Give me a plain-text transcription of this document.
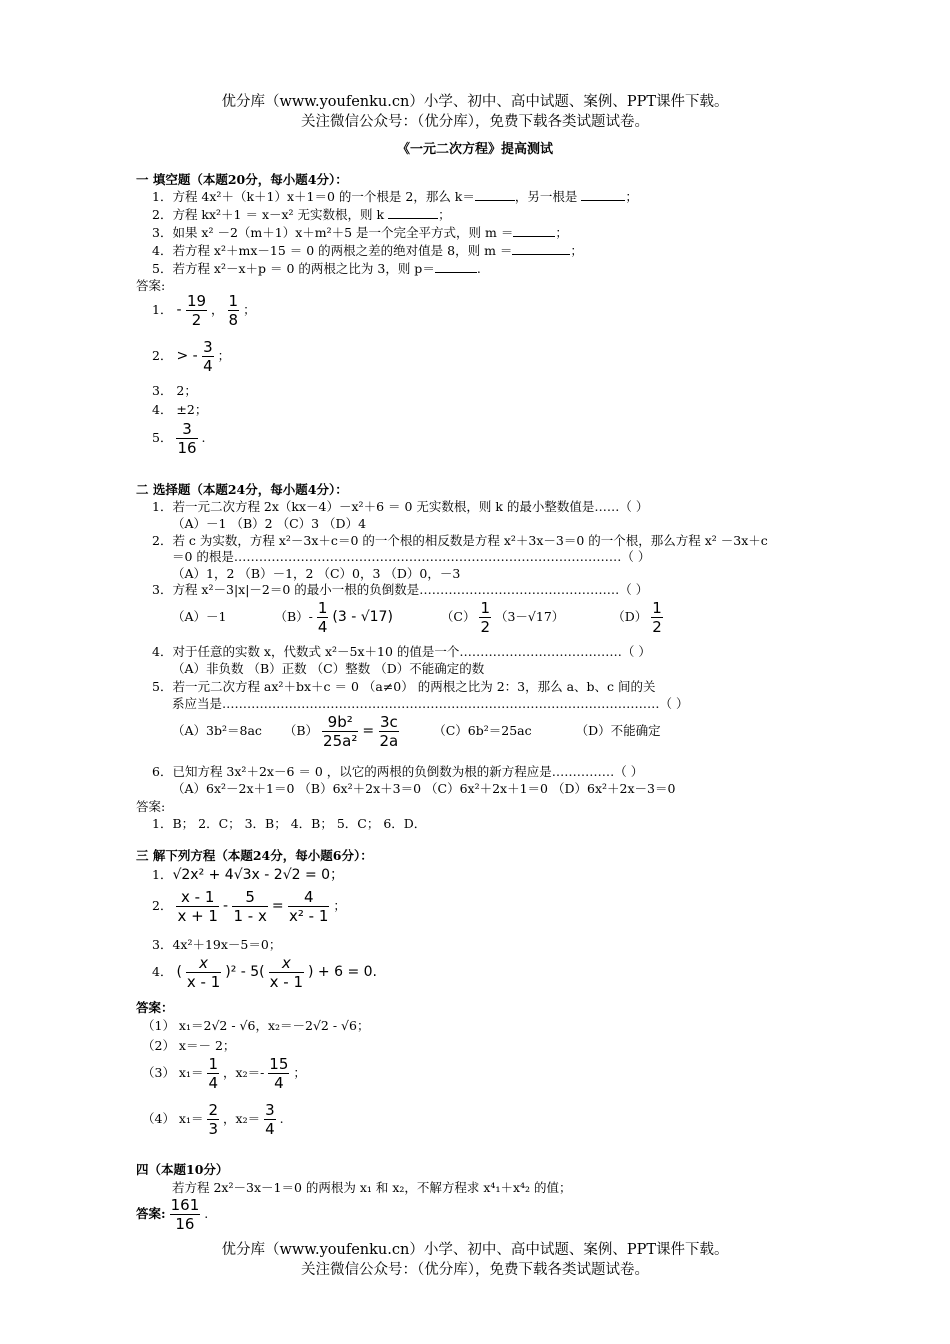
优分库（www.youfenku.cn）小学、初中、高中试题、案例、PPT课件下载。
关注微信公众号：（优分库），免费下载各类试题试卷。
《一元二次方程》提高测试
一 填空题（本题20分，每小题4分）：
1．方程 4x²＋（k＋1）x＋1＝0 的一个根是 2，那么 k＝	，另一根是	；
2．方程 kx²＋1 ＝ x－x² 无实数根，则 k	；
3．如果 x² －2（m＋1）x＋m²＋5 是一个完全平方式，则 m ＝	；
4．若方程 x²＋mx－15 ＝ 0 的两根之差的绝对值是 8，则 m ＝	；
5．若方程 x²－x＋p ＝ 0 的两根之比为 3，则 p＝	.
答案:
1． - $\frac{19}{2}$ ， $\frac{1}{8}$ ；
2． > - $\frac{3}{4}$ ；
3． 2；
4． ±2；
5． $\frac{3}{16}$ .
二 选择题（本题24分，每小题4分）：
1．若一元二次方程 2x（kx－4）－x²＋6 ＝ 0 无实数根，则 k 的最小整数值是……（ ）
（A）－1 （B）2 （C）3 （D）4
2．若 c 为实数，方程 x²－3x＋c＝0 的一个根的相反数是方程 x²＋3x－3＝0 的一个根，那么方程 x² －3x＋c
＝0 的根是…………………………………………………………………………………（ ）
（A）1，2 （B）－1，2 （C）0，3 （D）0，－3
3．方程 x²－3|x|－2＝0 的最小一根的负倒数是…………………………………………（ ）
（A）－1	$(B)- \frac{1}{4} (3 - √17)$	$(C) \frac{1}{2} (3-√17)$	$(D) \frac{1}{2}$
4．对于任意的实数 x，代数式 x²－5x＋10 的值是一个…………………………………（ ）
（A）非负数 （B）正数 （C）整数 （D）不能确定的数
5．若一元二次方程 ax²＋bx＋c ＝ 0 （a≠0） 的两根之比为 2：3，那么 a、b、c 间的关
系应当是……………………………………………………………………………………………（ ）
（A）3b²＝8ac $(B) \frac{\text{9b²}}{\text{25a²}} = \frac{3c}{2a}$	（C）6b²＝25ac	（D）不能确定
6．已知方程 3x²＋2x－6 ＝ 0 ，以它的两根的负倒数为根的新方程应是……………（ ）
（A）6x²－2x＋1＝0 （B）6x²＋2x＋3＝0 （C）6x²＋2x＋1＝0 （D）6x²＋2x－3＝0
答案:
1．B； 2．C； 3．B； 4．B； 5．C； 6．D．
三 解下列方程（本题24分，每小题6分）：
1．√2x² + 4√3x - 2√2 = 0；
2． $\frac{x - 1}{x + 1} - \frac{5}{1 - x} = \frac{4}{\text{x² - 1}}$ ；
3．4x²＋19x－5＝0；
4． ( $\frac{x}{x - 1} )^2 - 5( \frac{x}{x - 1}$ ) + 6 = 0.
答案：
（1） x₁＝2√2 - √6，x₂＝－2√2 - √6；
（2） x＝－ 2；
（3） $x_1= \frac{1}{4}$ ，$x_2=- \frac{15}{4}$ ；
（4） $x_1= \frac{2}{3}$ ，$x_2= \frac{3}{4}$ .
四（本题10分）
若方程 2x²－3x－1＝0 的两根为 x₁ 和 x₂，不解方程求 x⁴₁＋x⁴₂ 的值；
答案: $\frac{161}{16}$ .
优分库（www.youfenku.cn）小学、初中、高中试题、案例、PPT课件下载。
关注微信公众号：（优分库），免费下载各类试题试卷。
